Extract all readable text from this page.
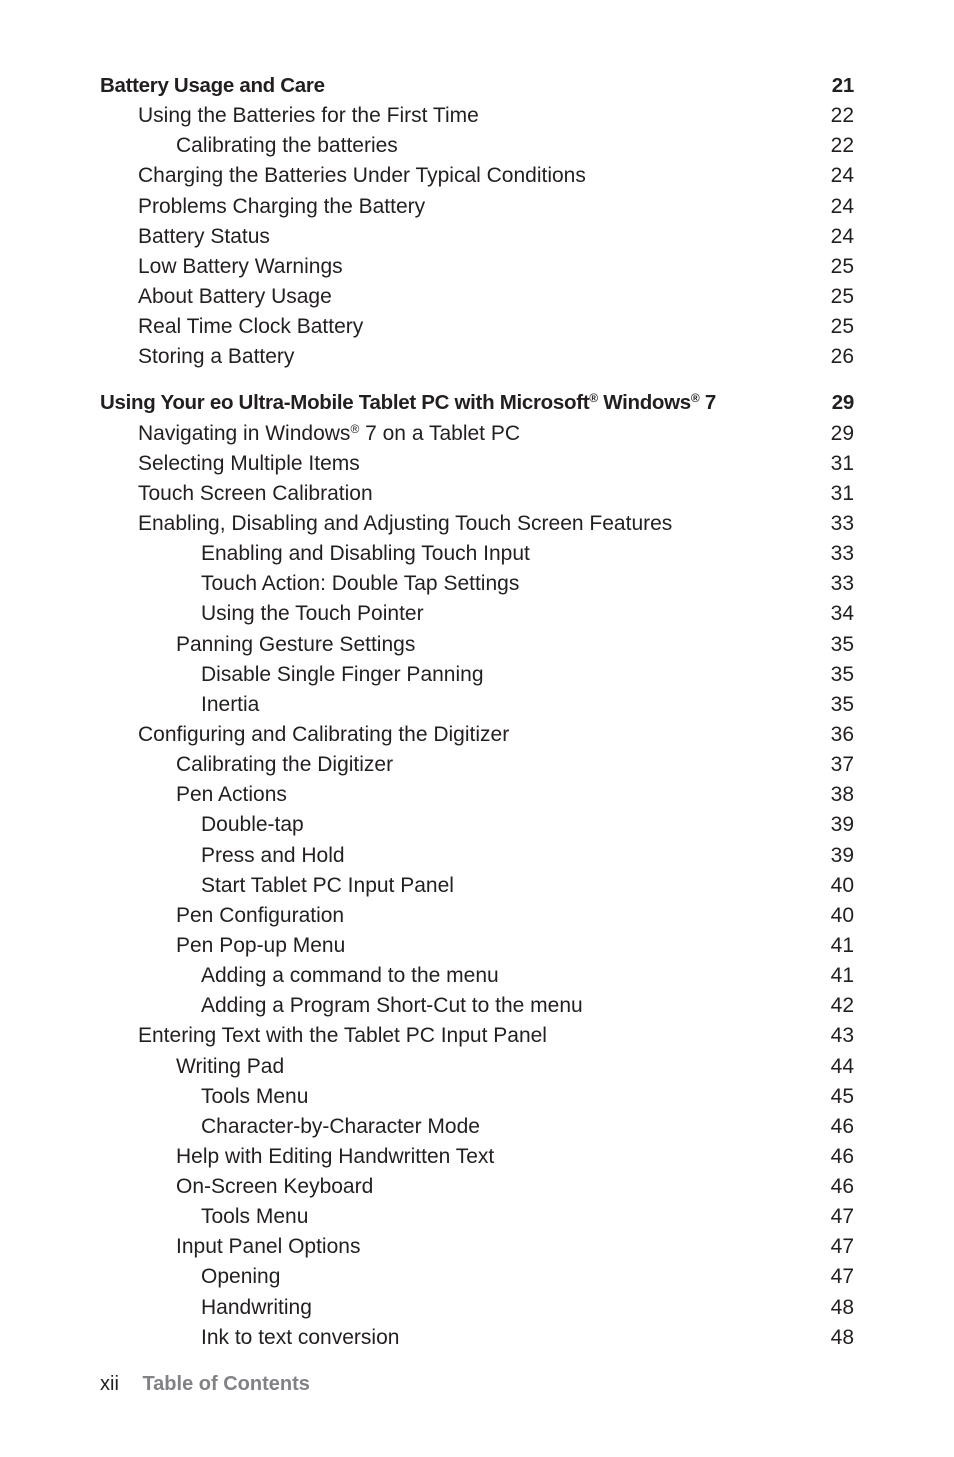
Battery Usage and Care	21
Using the Batteries for the First Time	22
Calibrating the batteries	22
Charging the Batteries Under Typical Conditions	24
Problems Charging the Battery	24
Battery Status	24
Low Battery Warnings	25
About Battery Usage	25
Real Time Clock Battery	25
Storing a Battery	26
Using Your eo Ultra-Mobile Tablet PC with Microsoft® Windows® 7	29
Navigating in Windows® 7 on a Tablet PC	29
Selecting Multiple Items	31
Touch Screen Calibration	31
Enabling, Disabling and Adjusting Touch Screen Features	33
Enabling and Disabling Touch Input	33
Touch Action: Double Tap Settings	33
Using the Touch Pointer	34
Panning Gesture Settings	35
Disable Single Finger Panning	35
Inertia	35
Configuring and Calibrating the Digitizer	36
Calibrating the Digitizer	37
Pen Actions	38
Double-tap	39
Press and Hold	39
Start Tablet PC Input Panel	40
Pen Configuration	40
Pen Pop-up Menu	41
Adding a command to the menu	41
Adding a Program Short-Cut to the menu	42
Entering Text with the Tablet PC Input Panel	43
Writing Pad	44
Tools Menu	45
Character-by-Character Mode	46
Help with Editing Handwritten Text	46
On-Screen Keyboard	46
Tools Menu	47
Input Panel Options	47
Opening	47
Handwriting	48
Ink to text conversion	48
xii Table of Contents
